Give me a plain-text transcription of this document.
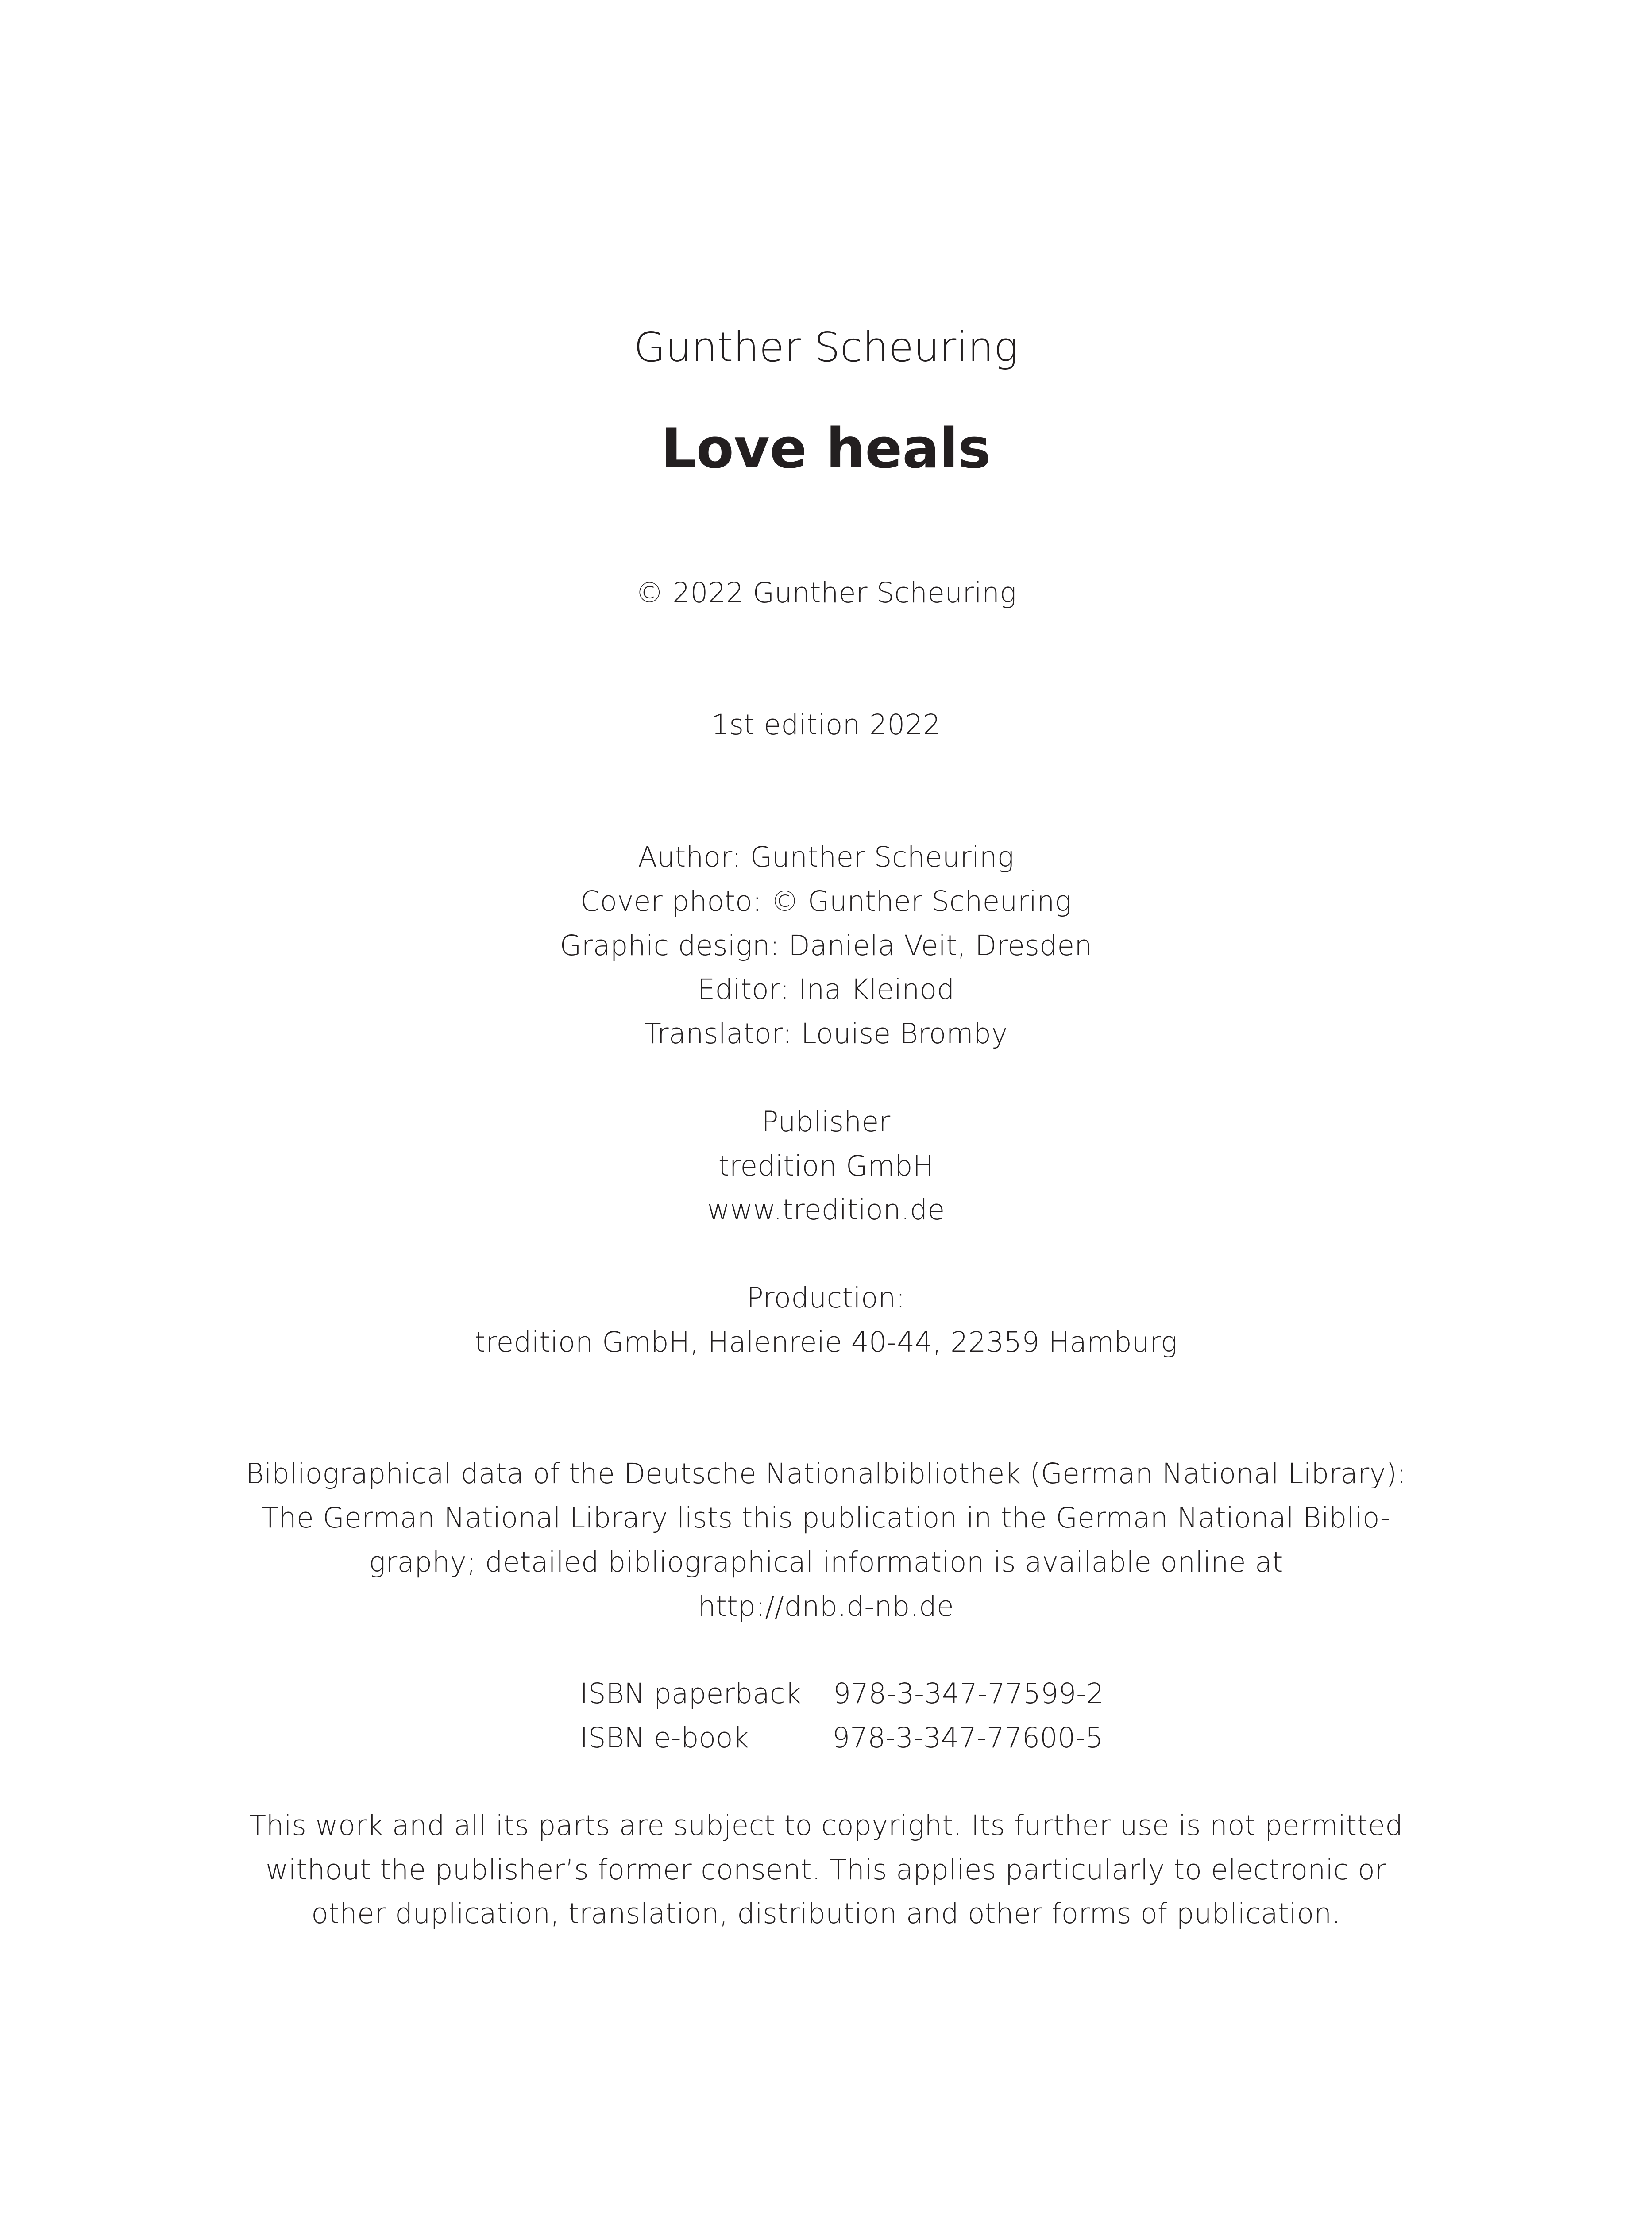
Gunther Scheuring
Love heals
© 2022 Gunther Scheuring
1st edition 2022
Author: Gunther Scheuring
Cover photo: © Gunther Scheuring
Graphic design: Daniela Veit, Dresden
Editor: Ina Kleinod
Translator: Louise Bromby
Publisher
tredition GmbH
www.tredition.de
Production:
tredition GmbH, Halenreie 40-44, 22359 Hamburg
Bibliographical data of the Deutsche Nationalbibliothek (German National Library):
The German National Library lists this publication in the German National Biblio-
graphy; detailed bibliographical information is available online at
http://dnb.d-nb.de
ISBN paperback 978-3-347-77599-2
ISBN e-book	978-3-347-77600-5
This work and all its parts are subject to copyright. Its further use is not permitted
without the publisher’s former consent. This applies particularly to electronic or
other duplication, translation, distribution and other forms of publication.
